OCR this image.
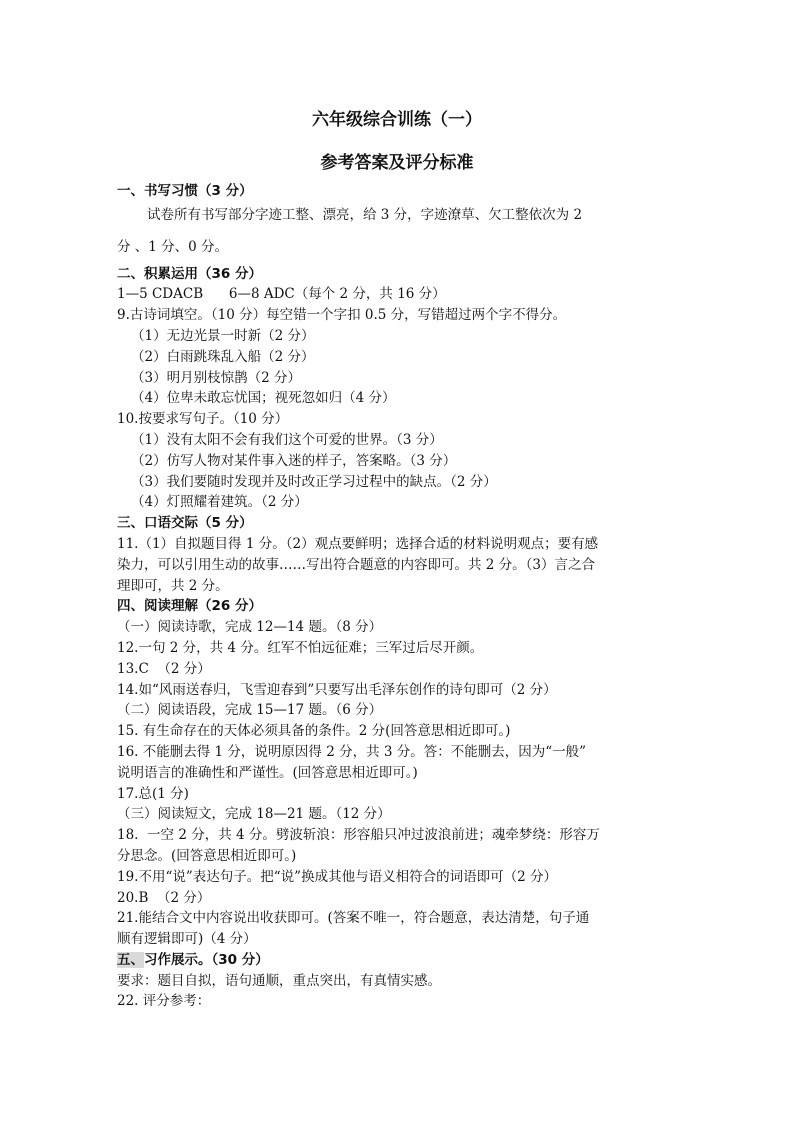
六年级综合训练（一）
参考答案及评分标准
一、书写习惯（3 分）
试卷所有书写部分字迹工整、漂亮，给 3 分，字迹潦草、欠工整依次为 2
分 、1 分、0 分。
二、积累运用（36 分）
1—5 CDACB      6—8 ADC（每个 2 分，共 16 分）
9.古诗词填空。（10 分）每空错一个字扣 0.5 分，写错超过两个字不得分。
（1）无边光景一时新（2 分）
（2）白雨跳珠乱入船（2 分）
（3）明月别枝惊鹊（2 分）
（4）位卑未敢忘忧国；视死忽如归（4 分）
10.按要求写句子。（10 分）
（1）没有太阳不会有我们这个可爱的世界。（3 分）
（2）仿写人物对某件事入迷的样子，答案略。（3 分）
（3）我们要随时发现并及时改正学习过程中的缺点。（2 分）
（4）灯照耀着建筑。（2 分）
三、口语交际（5 分）
11.（1）自拟题目得 1 分。（2）观点要鲜明；选择合适的材料说明观点；要有感
染力，可以引用生动的故事……写出符合题意的内容即可。共 2 分。（3）言之合
理即可，共 2 分。
四、阅读理解（26 分）
（一）阅读诗歌，完成 12—14 题。（8 分）
12.一句 2 分，共 4 分。红军不怕远征难；三军过后尽开颜。
13.C  （2 分）
14.如“风雨送春归，飞雪迎春到”只要写出毛泽东创作的诗句即可（2 分）
（二）阅读语段，完成 15—17 题。（6 分）
15. 有生命存在的天体必须具备的条件。2 分(回答意思相近即可。)
16. 不能删去得 1 分，说明原因得 2 分，共 3 分。答：不能删去，因为“一般”
说明语言的准确性和严谨性。(回答意思相近即可。)
17.总(1 分)
（三）阅读短文，完成 18—21 题。（12 分）
18.  一空 2 分，共 4 分。劈波斩浪：形容船只冲过波浪前进；魂牵梦绕：形容万
分思念。(回答意思相近即可。)
19.不用“说”表达句子。把“说”换成其他与语义相符合的词语即可（2 分）
20.B  （2 分）
21.能结合文中内容说出收获即可。(答案不唯一，符合题意，表达清楚，句子通
顺有逻辑即可)（4 分）
五、习作展示。（30 分）
要求：题目自拟，语句通顺，重点突出，有真情实感。
22. 评分参考：
